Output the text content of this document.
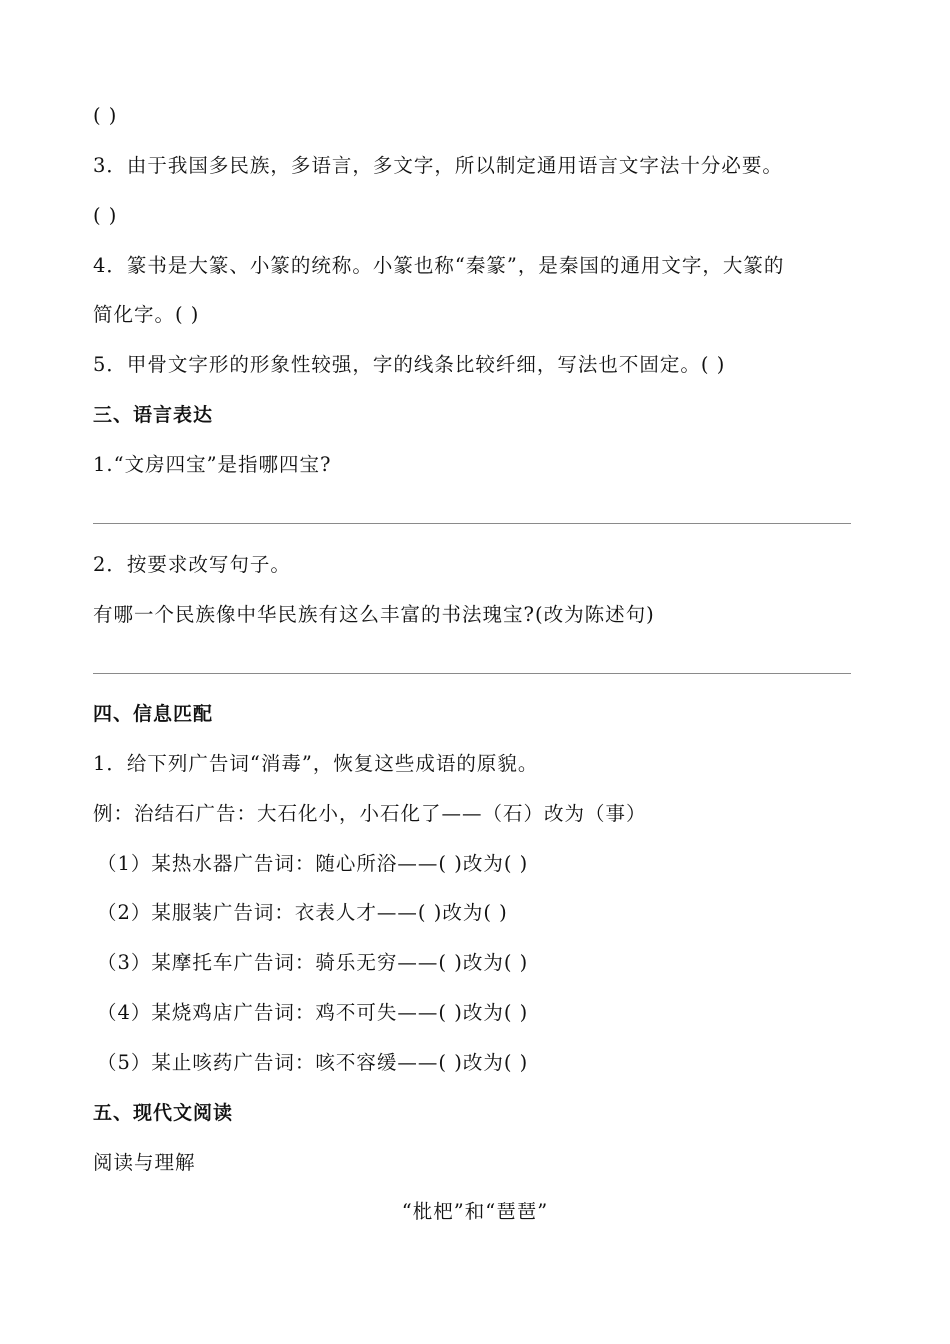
( )
3．由于我国多民族，多语言，多文字，所以制定通用语言文字法十分必要。
( )
4．篆书是大篆、小篆的统称。小篆也称“秦篆”，是秦国的通用文字，大篆的
简化字。( )
5．甲骨文字形的形象性较强，字的线条比较纤细，写法也不固定。( )
三、语言表达
1.“文房四宝”是指哪四宝?
2．按要求改写句子。
有哪一个民族像中华民族有这么丰富的书法瑰宝?(改为陈述句)
四、信息匹配
1．给下列广告词“消毒”，恢复这些成语的原貌。
例：治结石广告：大石化小，小石化了——（石）改为（事）
（1）某热水器广告词：随心所浴——( )改为( )
（2）某服装广告词：衣表人才——( )改为( )
（3）某摩托车广告词：骑乐无穷——( )改为( )
（4）某烧鸡店广告词：鸡不可失——( )改为( )
（5）某止咳药广告词：咳不容缓——( )改为( )
五、现代文阅读
阅读与理解
“枇杷”和“琶琶”
